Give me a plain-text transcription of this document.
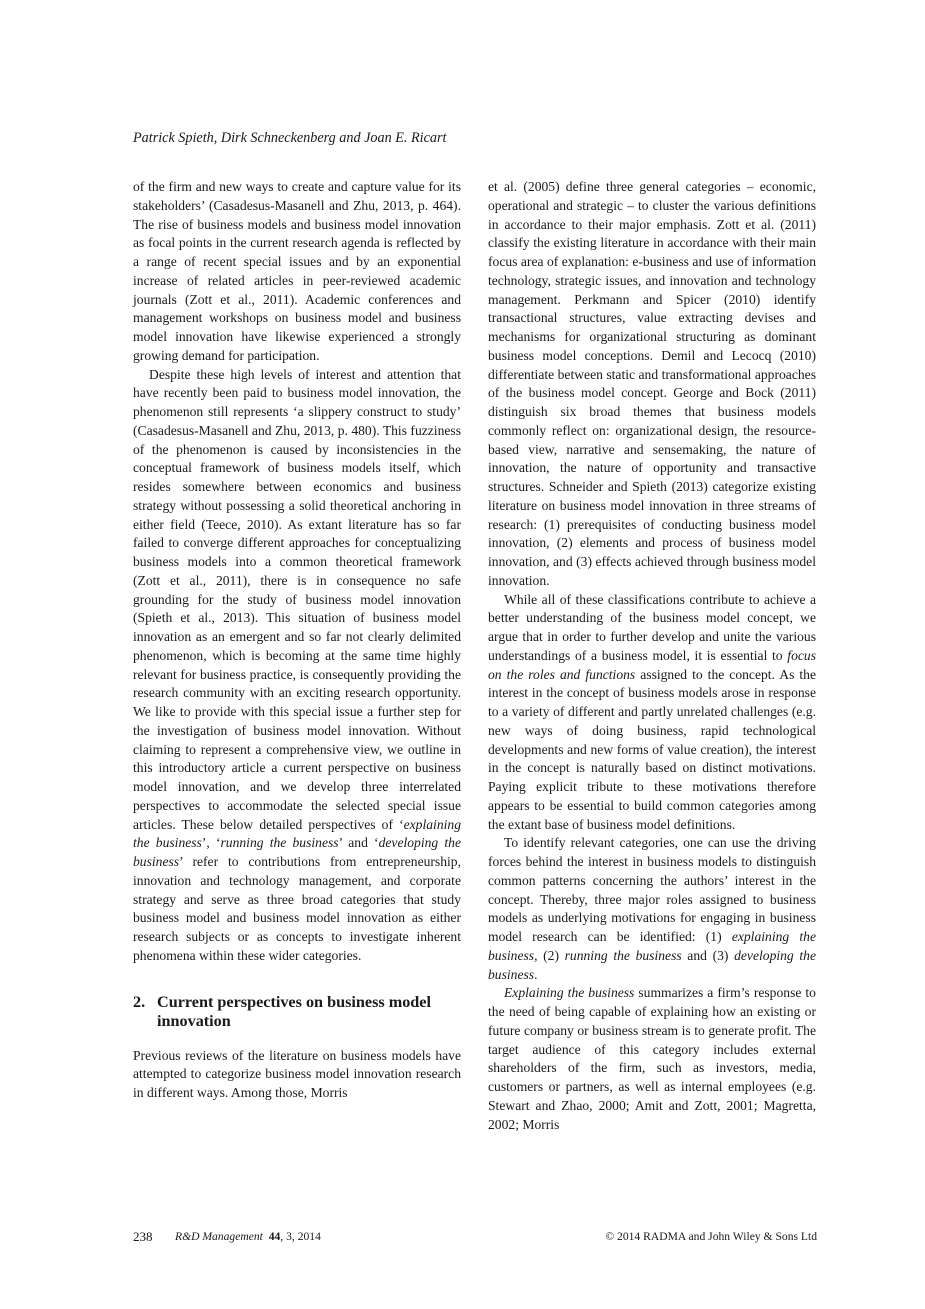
Patrick Spieth, Dirk Schneckenberg and Joan E. Ricart

of the firm and new ways to create and capture value for its stakeholders’ (Casadesus-Masanell and Zhu, 2013, p. 464). The rise of business models and business model innovation as focal points in the current research agenda is reflected by a range of recent special issues and by an exponential increase of related articles in peer-reviewed academic journals (Zott et al., 2011). Academic conferences and management workshops on business model and business model innovation have likewise experienced a strongly growing demand for participation.

Despite these high levels of interest and attention that have recently been paid to business model innovation, the phenomenon still represents ‘a slippery construct to study’ (Casadesus-Masanell and Zhu, 2013, p. 480). This fuzziness of the phenomenon is caused by inconsistencies in the conceptual framework of business models itself, which resides somewhere between economics and business strategy without possessing a solid theoretical anchoring in either field (Teece, 2010). As extant literature has so far failed to converge different approaches for conceptualizing business models into a common theoretical framework (Zott et al., 2011), there is in consequence no safe grounding for the study of business model innovation (Spieth et al., 2013). This situation of business model innovation as an emergent and so far not clearly delimited phenomenon, which is becoming at the same time highly relevant for business practice, is consequently providing the research community with an exciting research opportunity. We like to provide with this special issue a further step for the investigation of business model innovation. Without claiming to represent a comprehensive view, we outline in this introductory article a current perspective on business model innovation, and we develop three interrelated perspectives to accommodate the selected special issue articles. These below detailed perspectives of ‘explaining the business’, ‘running the business’ and ‘developing the business’ refer to contributions from entrepreneurship, innovation and technology management, and corporate strategy and serve as three broad categories that study business model and business model innovation as either research subjects or as concepts to investigate inherent phenomena within these wider categories.

2. Current perspectives on business model innovation

Previous reviews of the literature on business models have attempted to categorize business model innovation research in different ways. Among those, Morris

et al. (2005) define three general categories – economic, operational and strategic – to cluster the various definitions in accordance to their major emphasis. Zott et al. (2011) classify the existing literature in accordance with their main focus area of explanation: e-business and use of information technology, strategic issues, and innovation and technology management. Perkmann and Spicer (2010) identify transactional structures, value extracting devises and mechanisms for organizational structuring as dominant business model conceptions. Demil and Lecocq (2010) differentiate between static and transformational approaches of the business model concept. George and Bock (2011) distinguish six broad themes that business models commonly reflect on: organizational design, the resource-based view, narrative and sensemaking, the nature of innovation, the nature of opportunity and transactive structures. Schneider and Spieth (2013) categorize existing literature on business model innovation in three streams of research: (1) prerequisites of conducting business model innovation, (2) elements and process of business model innovation, and (3) effects achieved through business model innovation.

While all of these classifications contribute to achieve a better understanding of the business model concept, we argue that in order to further develop and unite the various understandings of a business model, it is essential to focus on the roles and functions assigned to the concept. As the interest in the concept of business models arose in response to a variety of different and partly unrelated challenges (e.g. new ways of doing business, rapid technological developments and new forms of value creation), the interest in the concept is naturally based on distinct motivations. Paying explicit tribute to these motivations therefore appears to be essential to build common categories among the extant base of business model definitions.

To identify relevant categories, one can use the driving forces behind the interest in business models to distinguish common patterns concerning the authors’ interest in the concept. Thereby, three major roles assigned to business models as underlying motivations for engaging in business model research can be identified: (1) explaining the business, (2) running the business and (3) developing the business.

Explaining the business summarizes a firm’s response to the need of being capable of explaining how an existing or future company or business stream is to generate profit. The target audience of this category includes external shareholders of the firm, such as investors, media, customers or partners, as well as internal employees (e.g. Stewart and Zhao, 2000; Amit and Zott, 2001; Magretta, 2002; Morris

238 R&D Management 44, 3, 2014	© 2014 RADMA and John Wiley & Sons Ltd
